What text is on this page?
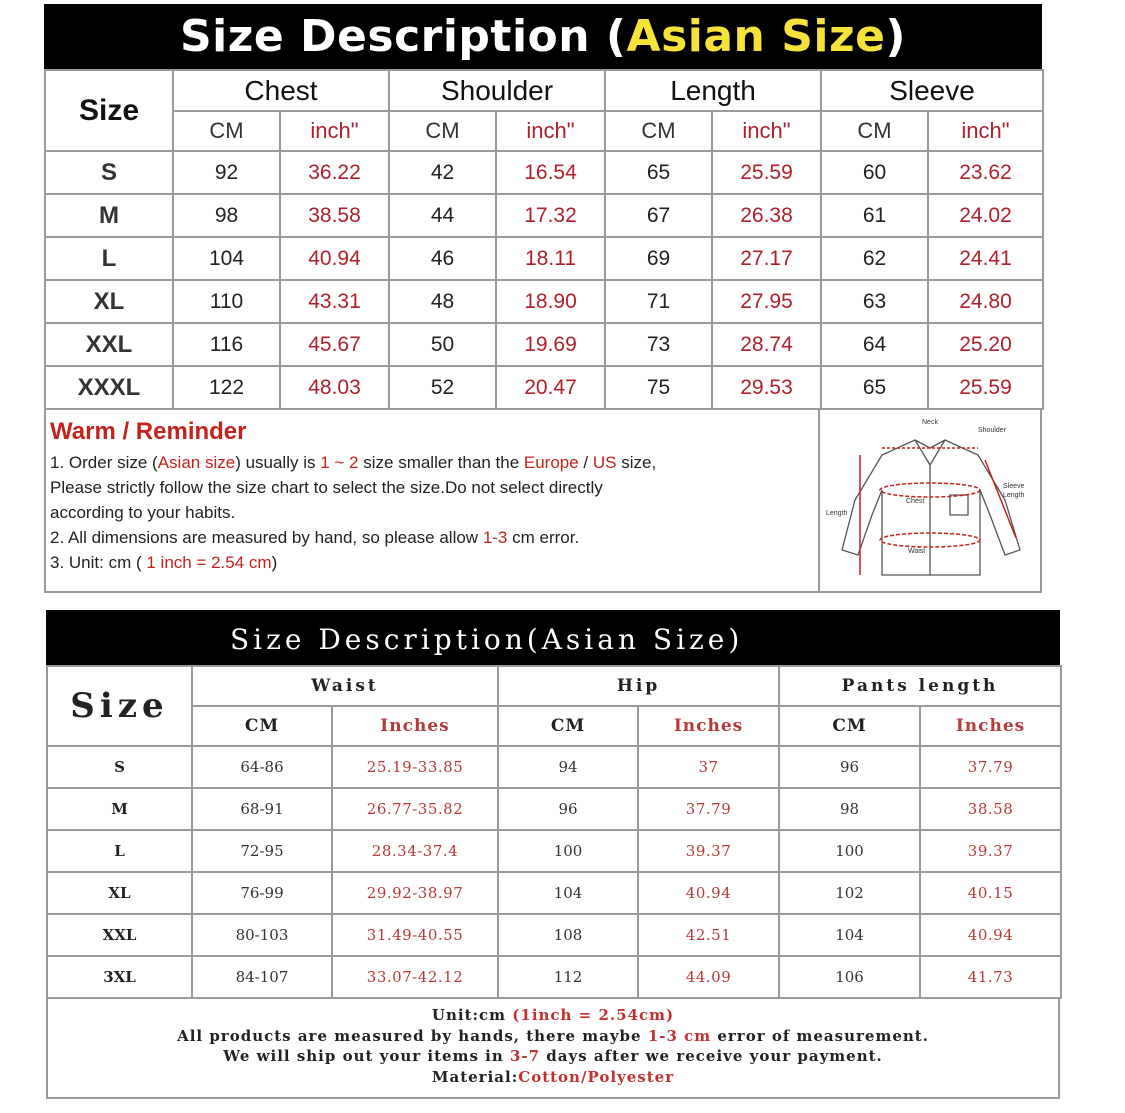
Size Description (Asian Size)
Size	Chest		Shoulder		Length		Sleeve	
	CM	inch"	CM	inch"	CM	inch"	CM	inch"
S	92	36.22	42	16.54	65	25.59	60	23.62
M	98	38.58	44	17.32	67	26.38	61	24.02
L	104	40.94	46	18.11	69	27.17	62	24.41
XL	110	43.31	48	18.90	71	27.95	63	24.80
XXL	116	45.67	50	19.69	73	28.74	64	25.20
XXXL	122	48.03	52	20.47	75	29.53	65	25.59
Warm / Reminder
1. Order size (Asian size) usually is 1 ~ 2 size smaller than the Europe / US size,
Please strictly follow the size chart to select the size.Do not select directly
according to your habits.
2. All dimensions are measured by hand, so please allow 1-3 cm error.
3. Unit: cm ( 1 inch = 2.54 cm)
Neck
Shoulder
Sleeve
Length
Chest
Length
Waist
Size Description(Asian Size)
Size	Waist		Hip		Pants length	
	CM	Inches	CM	Inches	CM	Inches
S	64-86	25.19-33.85	94	37	96	37.79
M	68-91	26.77-35.82	96	37.79	98	38.58
L	72-95	28.34-37.4	100	39.37	100	39.37
XL	76-99	29.92-38.97	104	40.94	102	40.15
XXL	80-103	31.49-40.55	108	42.51	104	40.94
3XL	84-107	33.07-42.12	112	44.09	106	41.73
Unit:cm (1inch = 2.54cm)
All products are measured by hands, there maybe 1-3 cm error of measurement.
We will ship out your items in 3-7 days after we receive your payment.
Material:Cotton/Polyester
